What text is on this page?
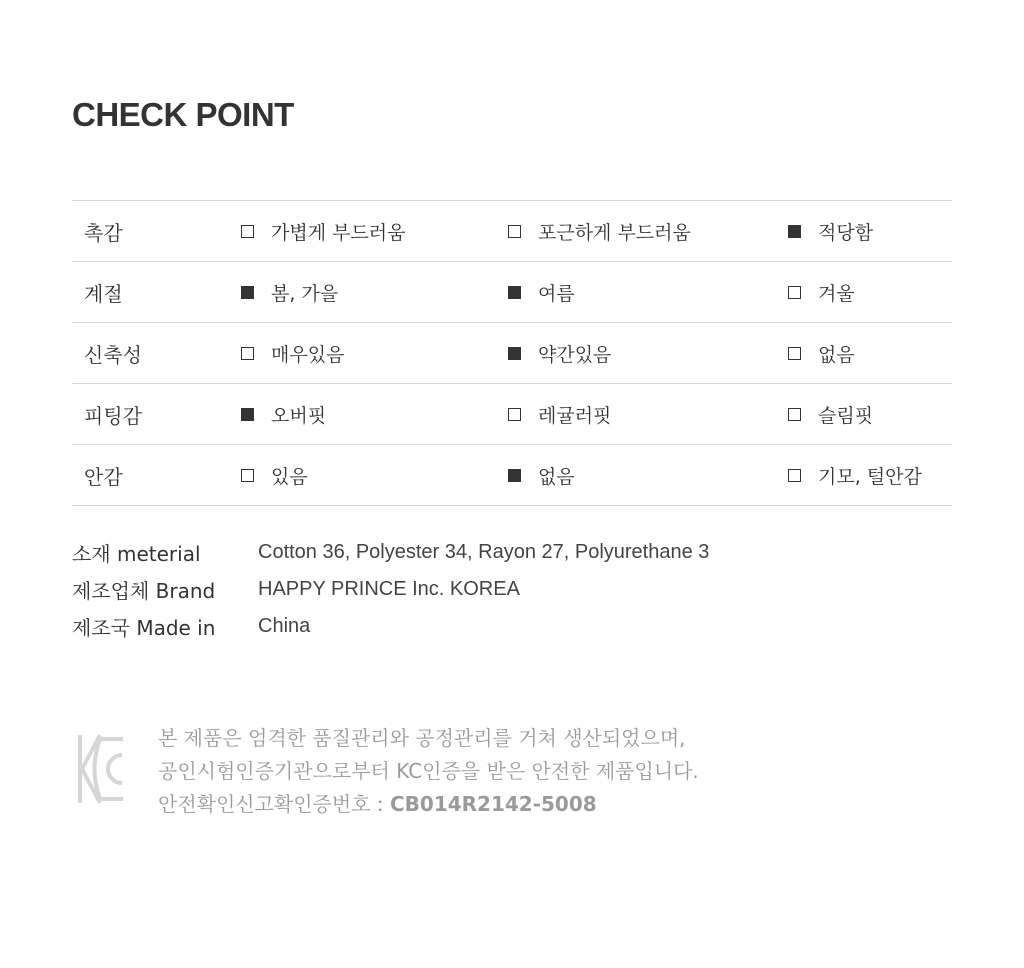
CHECK POINT
촉감	가볍게 부드러움	포근하게 부드러움	적당함
계절	봄, 가을	여름	겨울
신축성	매우있음	약간있음	없음
피팅감	오버핏	레귤러핏	슬림핏
안감	있음	없음	기모, 털안감
소재 meterial	Cotton 36, Polyester 34, Rayon 27, Polyurethane 3
제조업체 Brand	HAPPY PRINCE Inc. KOREA
제조국 Made in	China
본 제품은 엄격한 품질관리와 공정관리를 거쳐 생산되었으며,
공인시험인증기관으로부터 KC인증을 받은 안전한 제품입니다.
안전확인신고확인증번호 : CB014R2142-5008
